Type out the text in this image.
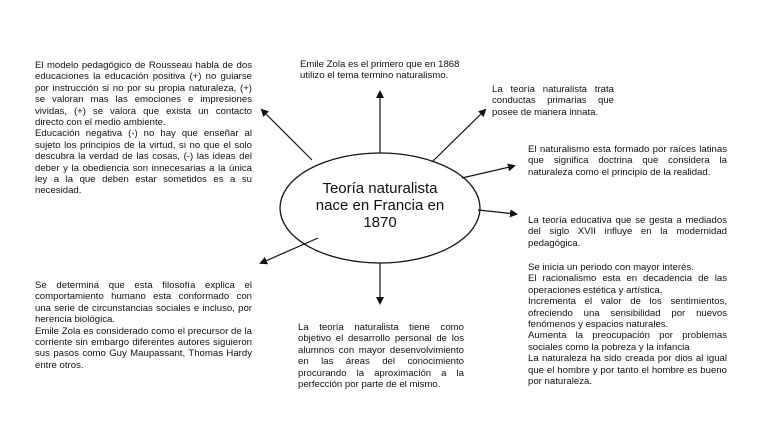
Teoría naturalista
nace en Francia en
1870

El modelo pedagógico de Rousseau habla de dos educaciones la educación positiva (+) no guiarse por instrucción si no por su propia naturaleza, (+) se valoran mas las emociones e impresiones vividas, (+) se valora que exista un contacto directo con el medio ambiente.
Educación negativa (-) no hay que enseñar al sujeto los principios de la virtud, si no que el solo descubra la verdad de las cosas, (-) las ideas del deber y la obediencia son innecesarias a la única ley a la que deben estar sometidos es a su necesidad.

Emile Zola es el primero que en 1868 utilizo el tema termino naturalismo.

La teoría naturalista trata conductas primarias que posee de manera innata.

El naturalismo esta formado por raíces latinas que significa doctrina que considera la naturaleza como el principio de la realidad.

La teoría educativa que se gesta a mediados del siglo XVII influye en la modernidad pedagógica.

Se inicia un periodo con mayor interés.
El racionalismo esta en decadencia de las operaciones estética y artística.
Incrementa el valor de los sentimientos, ofreciendo una sensibilidad por nuevos fenómenos y espacios naturales.
Aumenta la preocupación por problemas sociales como la pobreza y la infancia
La naturaleza ha sido creada por dios al igual que el hombre y por tanto el hombre es bueno por naturaleza.

La teoría naturalista tiene como objetivo el desarrollo personal de los alumnos con mayor desenvolvimiento en las áreas del conocimiento procurando la aproximación a la perfección por parte de el mismo.

Se determina que esta filosofía explica el comportamiento humano esta conformado con una serie de circunstancias sociales e incluso, por herencia biológica.
Emile Zola es considerado como el precursor de la corriente sin embargo diferentes autores siguieron sus pasos como Guy Maupassant, Thomas Hardy entre otros.
